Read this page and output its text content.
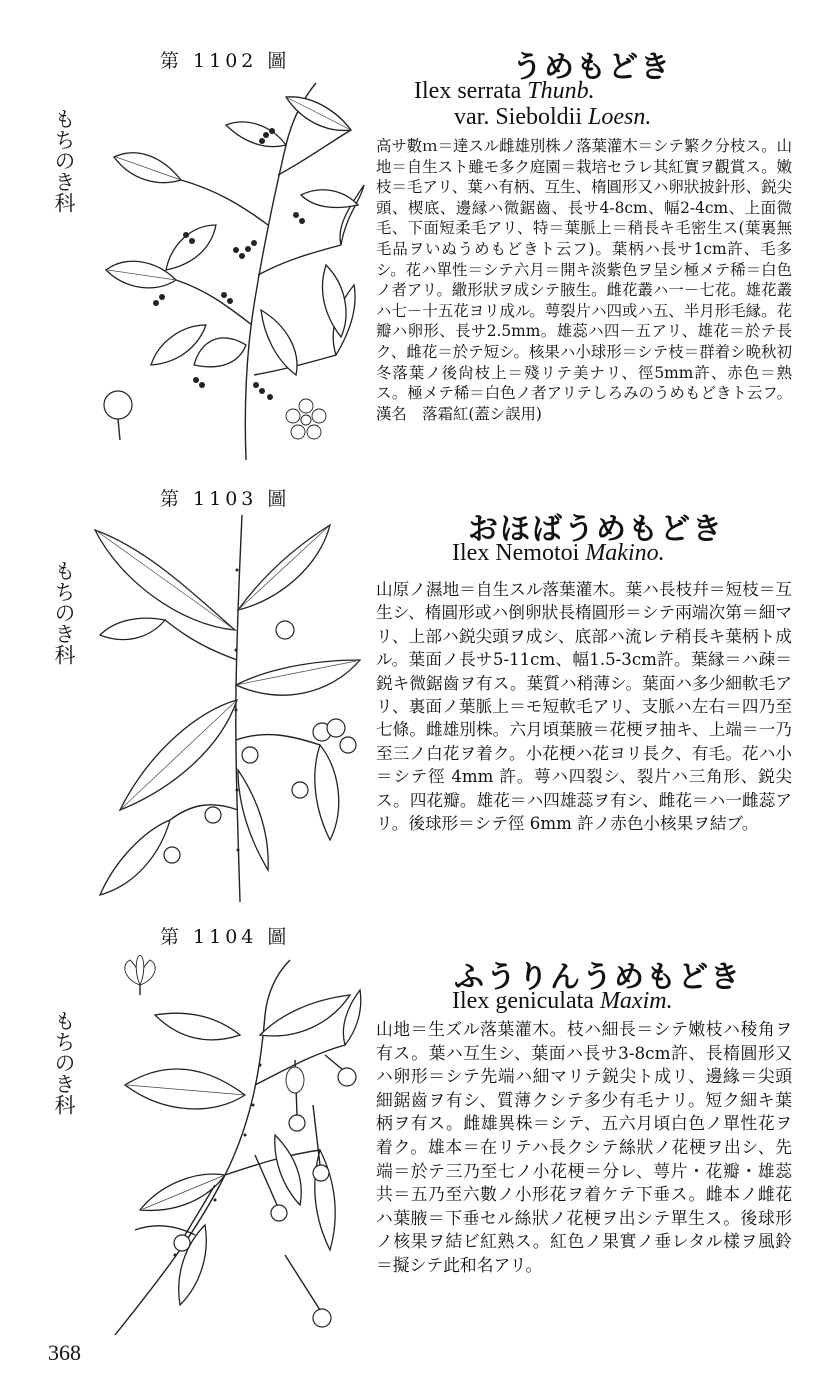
第 1102 圖
もちのき科
うめもどき
Ilex serrata Thunb.
var. Sieboldii Loesn.
高サ數ｍ＝達スル雌雄別株ノ落葉灌木＝シテ繁ク分枝ス。山地＝自生スト雖モ多ク庭園＝栽培セラレ其紅實ヲ觀賞ス。嫩枝＝毛アリ、葉ハ有柄、互生、楕圓形又ハ卵狀披針形、鋭尖頭、楔底、邊縁ハ微鋸齒、長サ4-8cm、幅2-4cm、上面微毛、下面短柔毛アリ、特＝葉脈上＝稍長キ毛密生ス(葉裏無毛品ヲいぬうめもどきト云フ)。葉柄ハ長サ1cm許、毛多シ。花ハ單性＝シテ六月＝開キ淡紫色ヲ呈シ極メテ稀＝白色ノ者アリ。繖形狀ヲ成シテ腋生。雌花叢ハ一－七花。雄花叢ハ七－十五花ヨリ成ル。萼裂片ハ四或ハ五、半月形毛縁。花瓣ハ卵形、長サ2.5mm。雄蕊ハ四－五アリ、雄花＝於テ長ク、雌花＝於テ短シ。核果ハ小球形＝シテ枝＝群着シ晩秋初冬落葉ノ後尙枝上＝殘リテ美ナリ、徑5mm許、赤色＝熟ス。極メテ稀＝白色ノ者アリテしろみのうめもどきト云フ。漢名　落霜紅(蓋シ誤用)
第 1103 圖
もちのき科
おほばうめもどき
Ilex Nemotoi Makino.
山原ノ濕地＝自生スル落葉灌木。葉ハ長枝幷＝短枝＝互生シ、楕圓形或ハ倒卵狀長楕圓形＝シテ兩端次第＝細マリ、上部ハ鋭尖頭ヲ成シ、底部ハ流レテ稍長キ葉柄ト成ル。葉面ノ長サ5-11cm、幅1.5-3cm許。葉縁＝ハ疎＝鋭キ微鋸齒ヲ有ス。葉質ハ稍薄シ。葉面ハ多少細軟毛アリ、裏面ノ葉脈上＝モ短軟毛アリ、支脈ハ左右＝四乃至七條。雌雄別株。六月頃葉腋＝花梗ヲ抽キ、上端＝一乃至三ノ白花ヲ着ク。小花梗ハ花ヨリ長ク、有毛。花ハ小＝シテ徑 4mm 許。萼ハ四裂シ、裂片ハ三角形、鋭尖ス。四花瓣。雄花＝ハ四雄蕊ヲ有シ、雌花＝ハ一雌蕊アリ。後球形＝シテ徑 6mm 許ノ赤色小核果ヲ結ブ。
第 1104 圖
もちのき科
ふうりんうめもどき
Ilex geniculata Maxim.
山地＝生ズル落葉灌木。枝ハ細長＝シテ嫩枝ハ稜角ヲ有ス。葉ハ互生シ、葉面ハ長サ3-8cm許、長楕圓形又ハ卵形＝シテ先端ハ細マリテ鋭尖ト成リ、邊緣＝尖頭細鋸齒ヲ有シ、質薄クシテ多少有毛ナリ。短ク細キ葉柄ヲ有ス。雌雄異株＝シテ、五六月頃白色ノ單性花ヲ着ク。雄本＝在リテハ長クシテ絲狀ノ花梗ヲ出シ、先端＝於テ三乃至七ノ小花梗＝分レ、萼片・花瓣・雄蕊共＝五乃至六數ノ小形花ヲ着ケテ下垂ス。雌本ノ雌花ハ葉腋＝下垂セル絲狀ノ花梗ヲ出シテ單生ス。後球形ノ核果ヲ結ビ紅熟ス。紅色ノ果實ノ垂レタル樣ヲ風鈴＝擬シテ此和名アリ。
368
